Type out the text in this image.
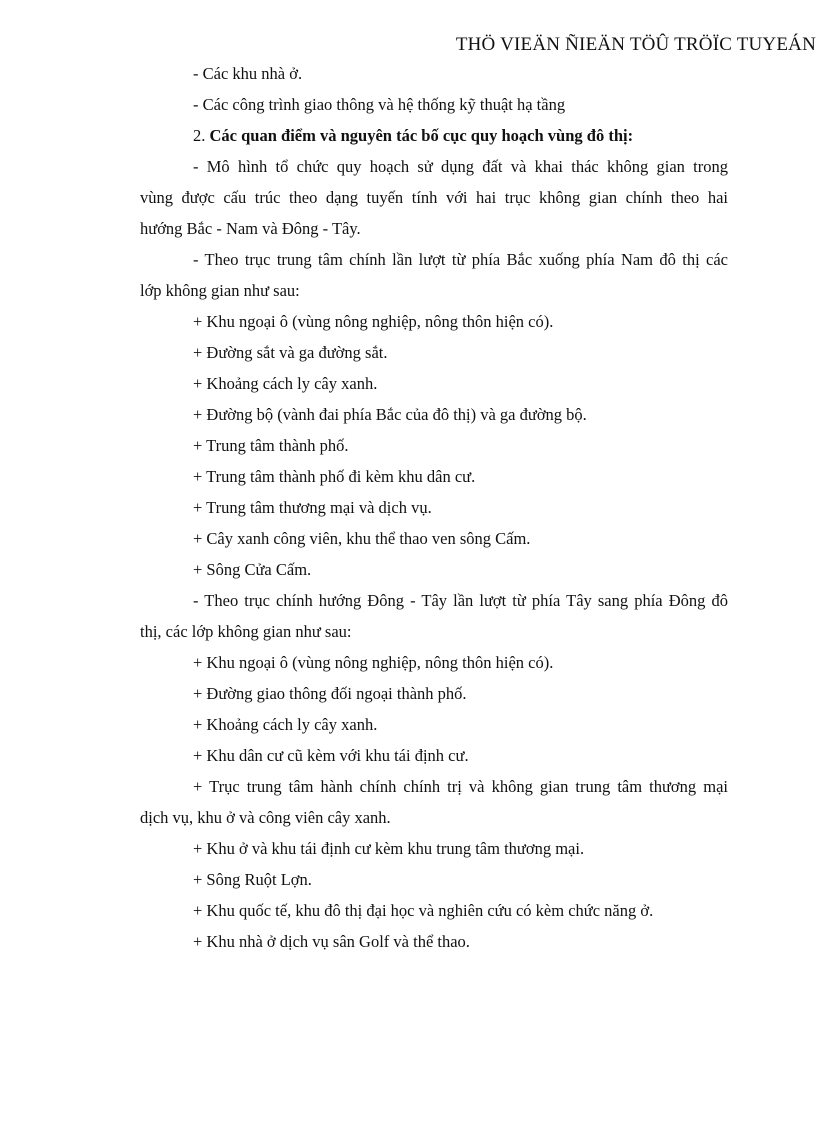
THÖ VIEÄN ÑIEÄN TÖÛ TRÖÏC TUYEÁN
- Các khu nhà ở.
- Các công trình giao thông và hệ thống kỹ thuật hạ tầng
2. Các quan điểm và nguyên tác bố cục quy hoạch vùng đô thị:
- Mô hình tổ chức quy hoạch sử dụng đất và khai thác không gian trong
vùng được cấu trúc theo dạng tuyến tính với hai trục không gian chính theo hai
hướng Bắc - Nam và Đông - Tây.
- Theo trục trung tâm chính lần lượt từ phía Bắc xuống phía Nam đô thị các
lớp không gian như sau:
+ Khu ngoại ô (vùng nông nghiệp, nông thôn hiện có).
+ Đường sắt và ga đường sắt.
+ Khoảng cách ly cây xanh.
+ Đường bộ (vành đai phía Bắc của đô thị) và ga đường bộ.
+ Trung tâm thành phố.
+ Trung tâm thành phố đi kèm khu dân cư.
+ Trung tâm thương mại và dịch vụ.
+ Cây xanh công viên, khu thể thao ven sông Cấm.
+ Sông Cửa Cấm.
- Theo trục chính hướng Đông - Tây lần lượt từ phía Tây sang phía Đông đô
thị, các lớp không gian như sau:
+ Khu ngoại ô (vùng nông nghiệp, nông thôn hiện có).
+ Đường giao thông đối ngoại thành phố.
+ Khoảng cách ly cây xanh.
+ Khu dân cư cũ kèm với khu tái định cư.
+ Trục trung tâm hành chính chính trị và không gian trung tâm thương mại
dịch vụ, khu ở và công viên cây xanh.
+ Khu ở và khu tái định cư kèm khu trung tâm thương mại.
+ Sông Ruột Lợn.
+ Khu quốc tế, khu đô thị đại học và nghiên cứu có kèm chức năng ở.
+ Khu nhà ở dịch vụ sân Golf và thể thao.
